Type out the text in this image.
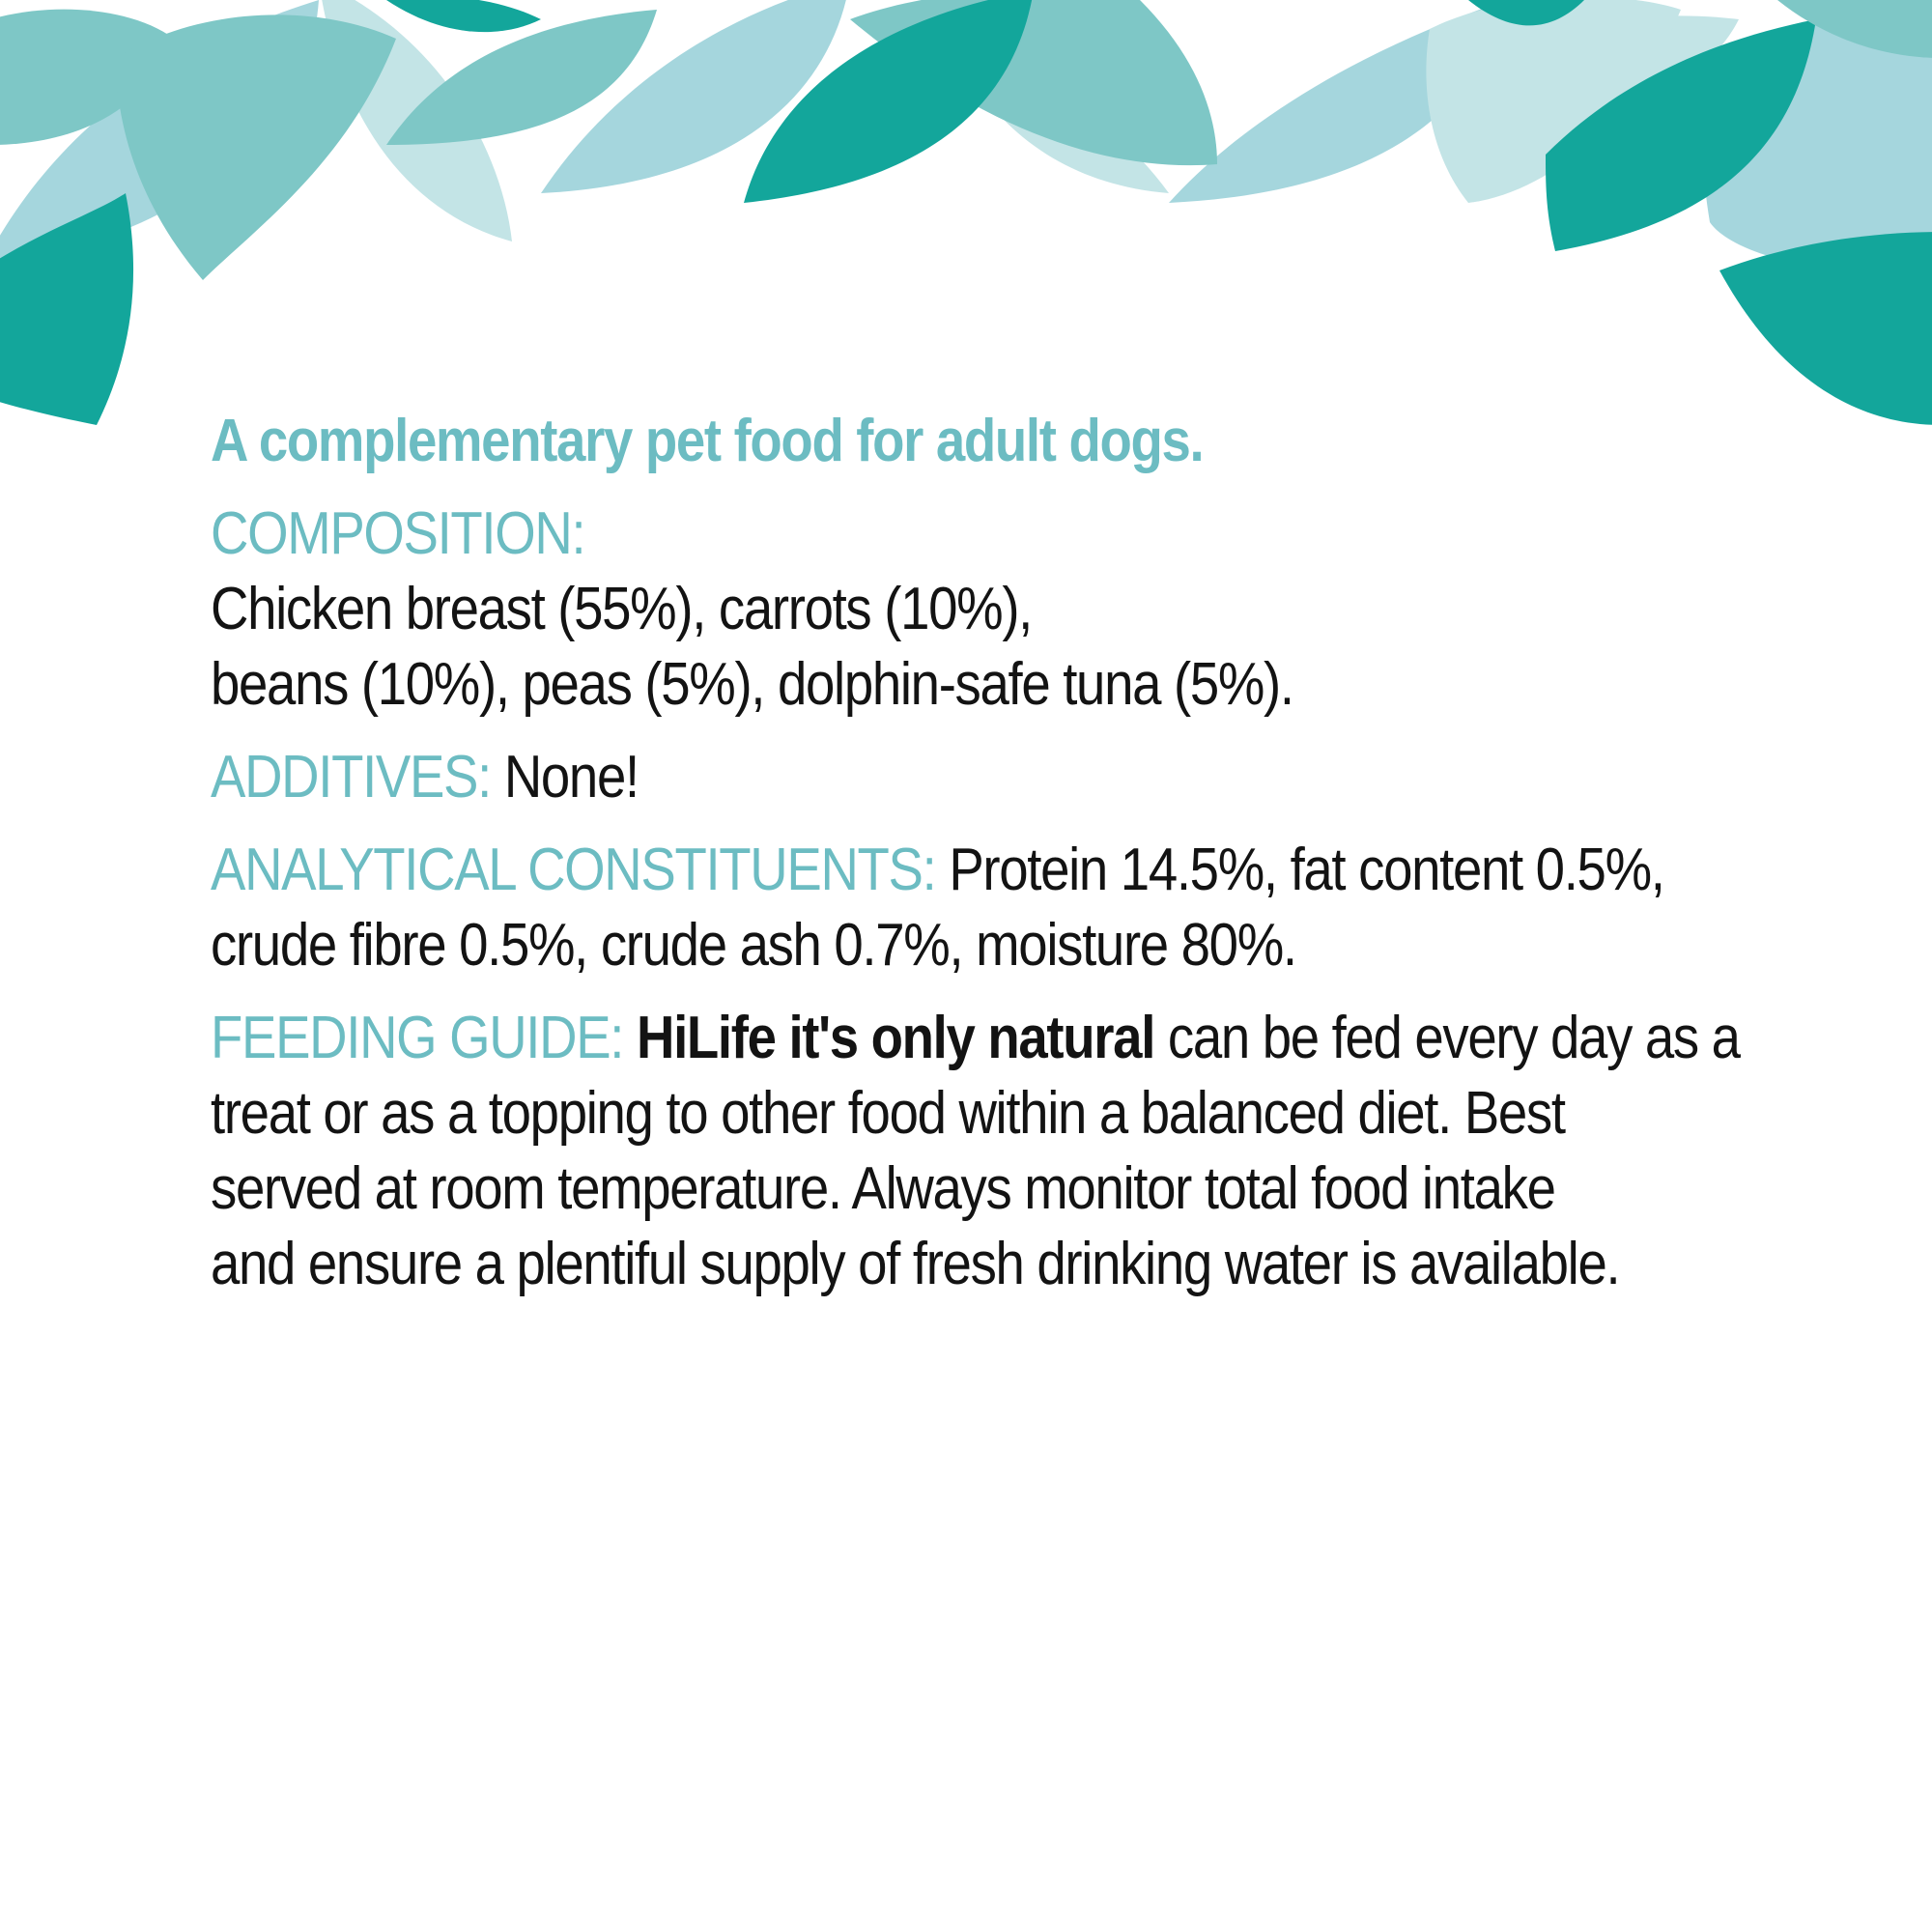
A complementary pet food for adult dogs.

COMPOSITION:

Chicken breast (55%), carrots (10%),

beans (10%), peas (5%), dolphin-safe tuna (5%).

ADDITIVES: None!

ANALYTICAL CONSTITUENTS: Protein 14.5%, fat content 0.5%,

crude fibre 0.5%, crude ash 0.7%, moisture 80%.

FEEDING GUIDE: HiLife it's only natural can be fed every day as a

treat or as a topping to other food within a balanced diet. Best

served at room temperature. Always monitor total food intake

and ensure a plentiful supply of fresh drinking water is available.
